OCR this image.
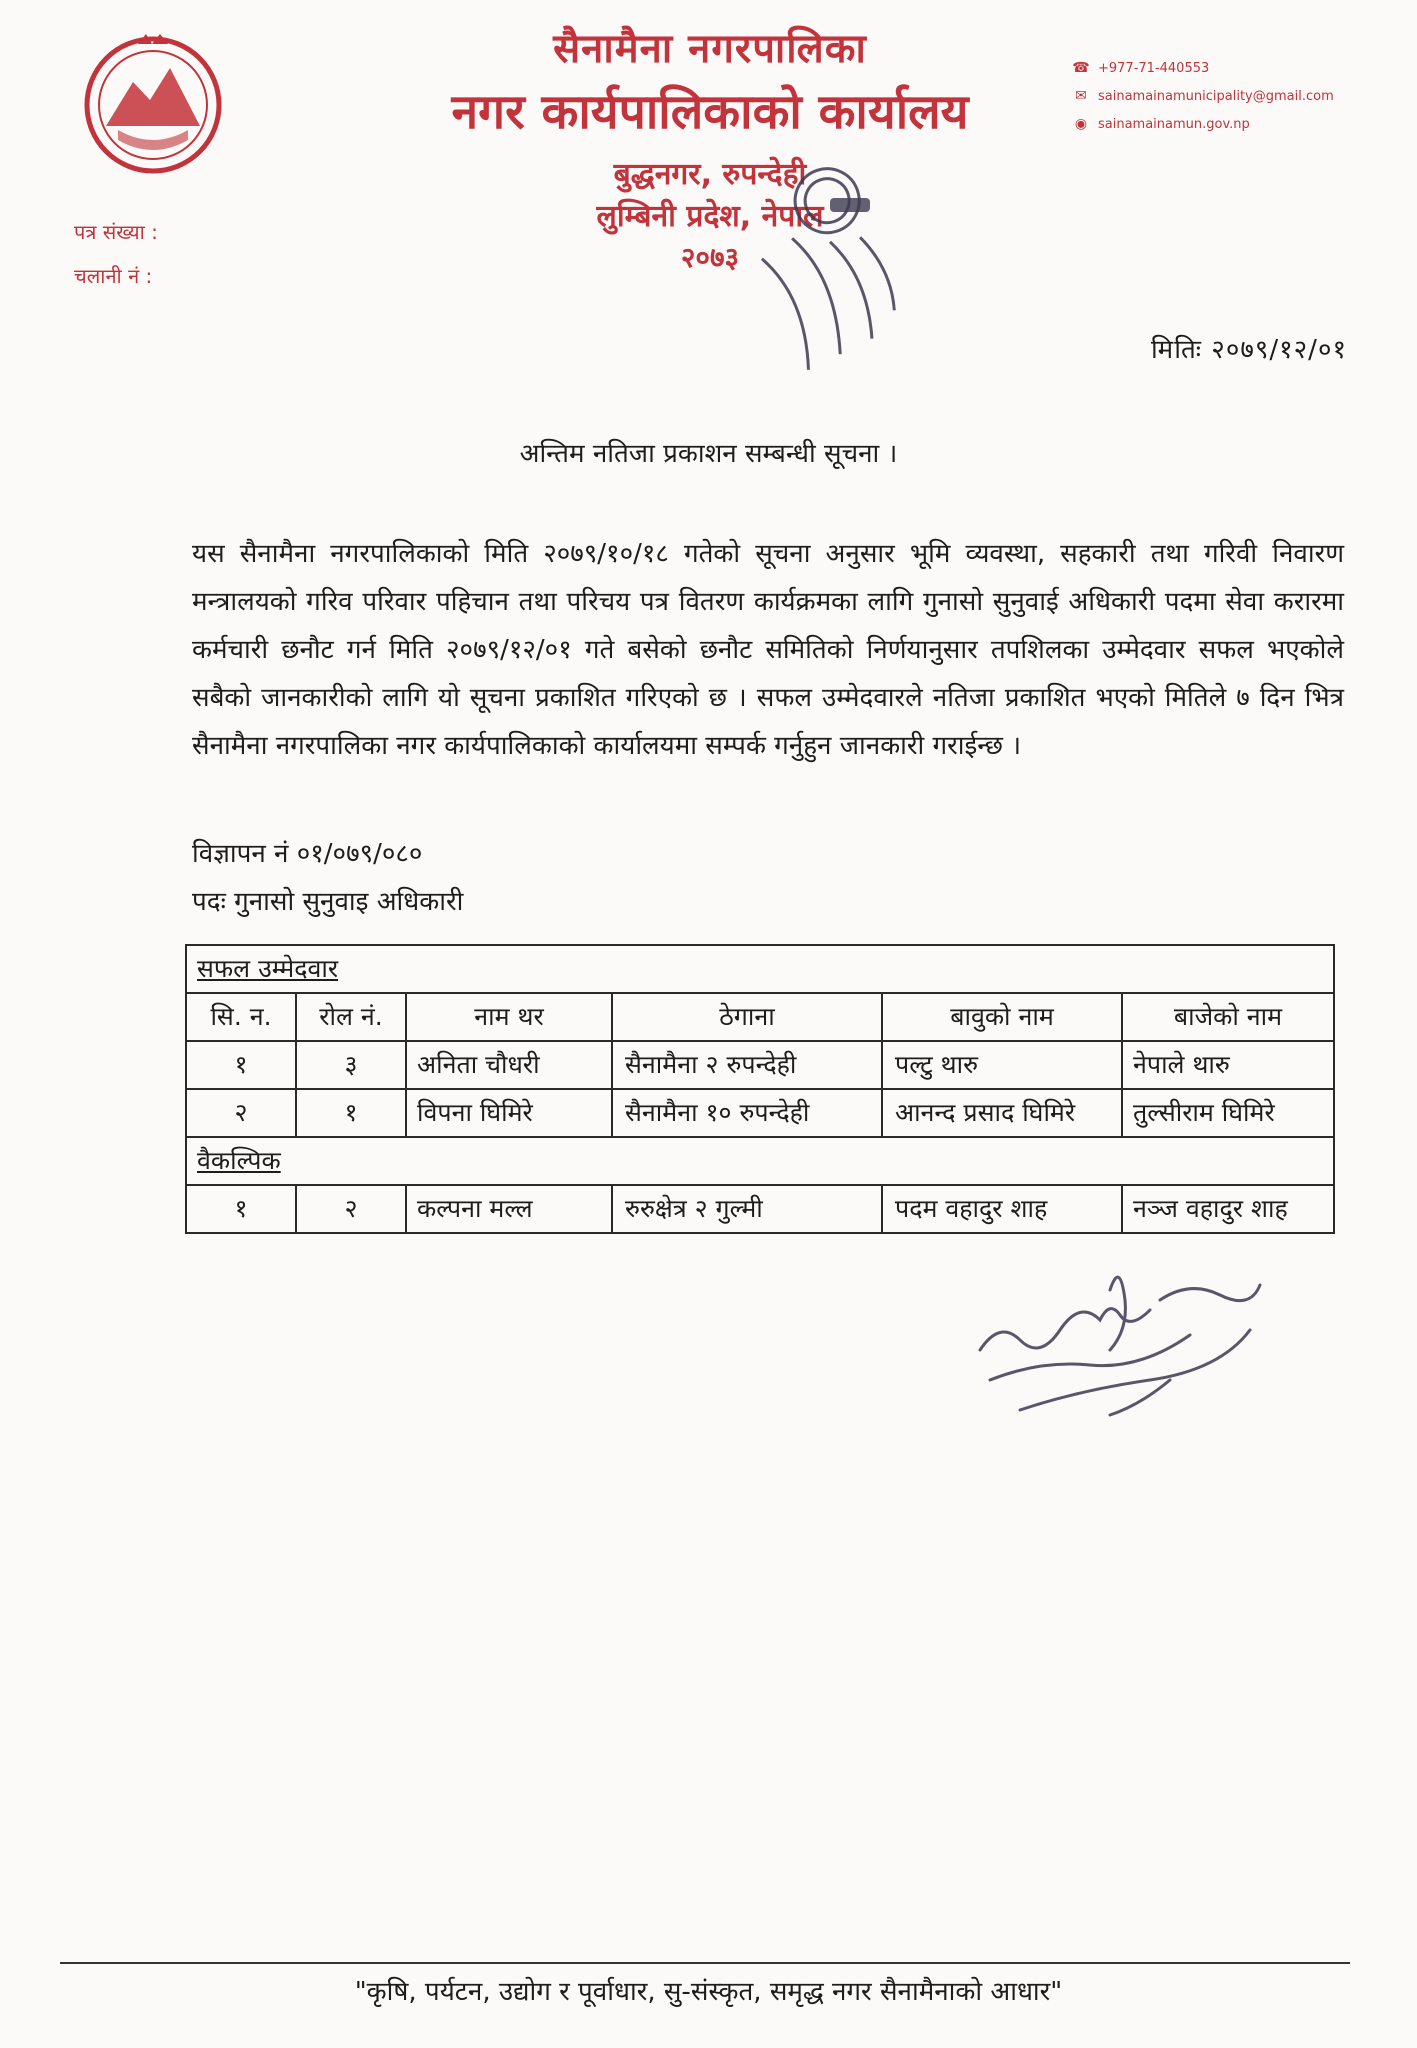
सैनामैना नगरपालिका
नगर कार्यपालिकाको कार्यालय
बुद्धनगर, रुपन्देही
लुम्बिनी प्रदेश, नेपाल
२०७३
☎ +977-71-440553
✉ sainamainamunicipality@gmail.com
◉ sainamainamun.gov.np
पत्र संख्या :
चलानी नं :
मितिः २०७९/१२/०१
अन्तिम नतिजा प्रकाशन सम्बन्धी सूचना ।
यस सैनामैना नगरपालिकाको मिति २०७९/१०/१८ गतेको सूचना अनुसार भूमि व्यवस्था, सहकारी तथा गरिवी निवारण मन्त्रालयको गरिव परिवार पहिचान तथा परिचय पत्र वितरण कार्यक्रमका लागि गुनासो सुनुवाई अधिकारी पदमा सेवा करारमा कर्मचारी छनौट गर्न मिति २०७९/१२/०१ गते बसेको छनौट समितिको निर्णयानुसार तपशिलका उम्मेदवार सफल भएकोले सबैको जानकारीको लागि यो सूचना प्रकाशित गरिएको छ । सफल उम्मेदवारले नतिजा प्रकाशित भएको मितिले ७ दिन भित्र सैनामैना नगरपालिका नगर कार्यपालिकाको कार्यालयमा सम्पर्क गर्नुहुन जानकारी गराईन्छ ।
विज्ञापन नं ०१/०७९/०८०
पदः गुनासो सुनुवाइ अधिकारी
सफल उम्मेदवार
सि. न.	रोल नं.	नाम थर	ठेगाना	बावुको नाम	बाजेको नाम
१	३	अनिता चौधरी	सैनामैना २ रुपन्देही	पल्टु थारु	नेपाले थारु
२	१	विपना घिमिरे	सैनामैना १० रुपन्देही	आनन्द प्रसाद घिमिरे	तुल्सीराम घिमिरे
वैकल्पिक
१	२	कल्पना मल्ल	रुरुक्षेत्र २ गुल्मी	पदम वहादुर शाह	नञ्ज वहादुर शाह
"कृषि, पर्यटन, उद्योग र पूर्वाधार, सु-संस्कृत, समृद्ध नगर सैनामैनाको आधार"
